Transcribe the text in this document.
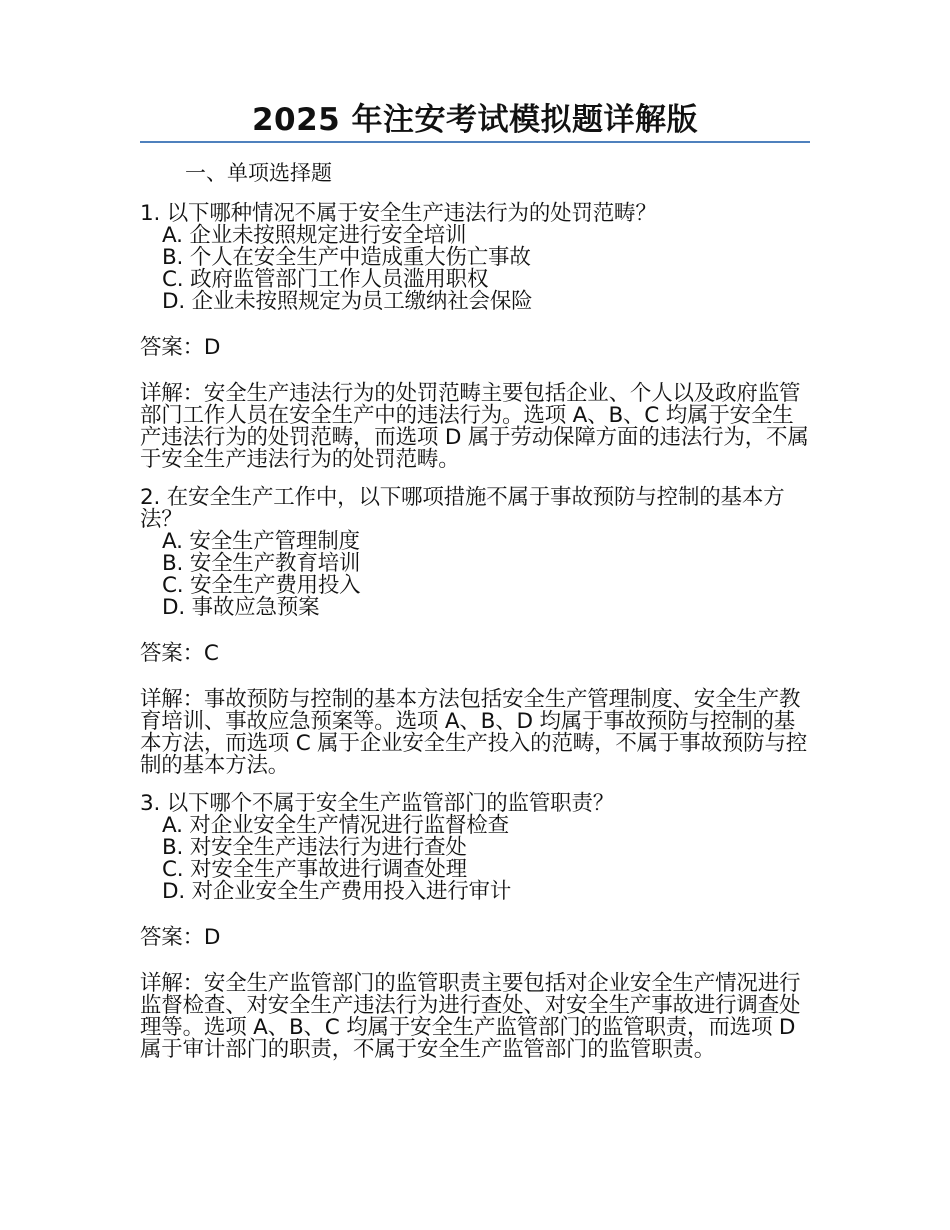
2025 年注安考试模拟题详解版
一、单项选择题

1. 以下哪种情况不属于安全生产违法行为的处罚范畴？

A. 企业未按照规定进行安全培训
B. 个人在安全生产中造成重大伤亡事故
C. 政府监管部门工作人员滥用职权
D. 企业未按照规定为员工缴纳社会保险
答案：D
详解：安全生产违法行为的处罚范畴主要包括企业、个人以及政府监管部门工作人员在安全生产中的违法行为。选项 A、B、C 均属于安全生产违法行为的处罚范畴，而选项 D 属于劳动保障方面的违法行为，不属于安全生产违法行为的处罚范畴。

2. 在安全生产工作中，以下哪项措施不属于事故预防与控制的基本方法？

A. 安全生产管理制度
B. 安全生产教育培训
C. 安全生产费用投入
D. 事故应急预案
答案：C
详解：事故预防与控制的基本方法包括安全生产管理制度、安全生产教育培训、事故应急预案等。选项 A、B、D 均属于事故预防与控制的基本方法，而选项 C 属于企业安全生产投入的范畴，不属于事故预防与控制的基本方法。

3. 以下哪个不属于安全生产监管部门的监管职责？

A. 对企业安全生产情况进行监督检查
B. 对安全生产违法行为进行查处
C. 对安全生产事故进行调查处理
D. 对企业安全生产费用投入进行审计
答案：D
详解：安全生产监管部门的监管职责主要包括对企业安全生产情况进行监督检查、对安全生产违法行为进行查处、对安全生产事故进行调查处理等。选项 A、B、C 均属于安全生产监管部门的监管职责，而选项 D 属于审计部门的职责，不属于安全生产监管部门的监管职责。
